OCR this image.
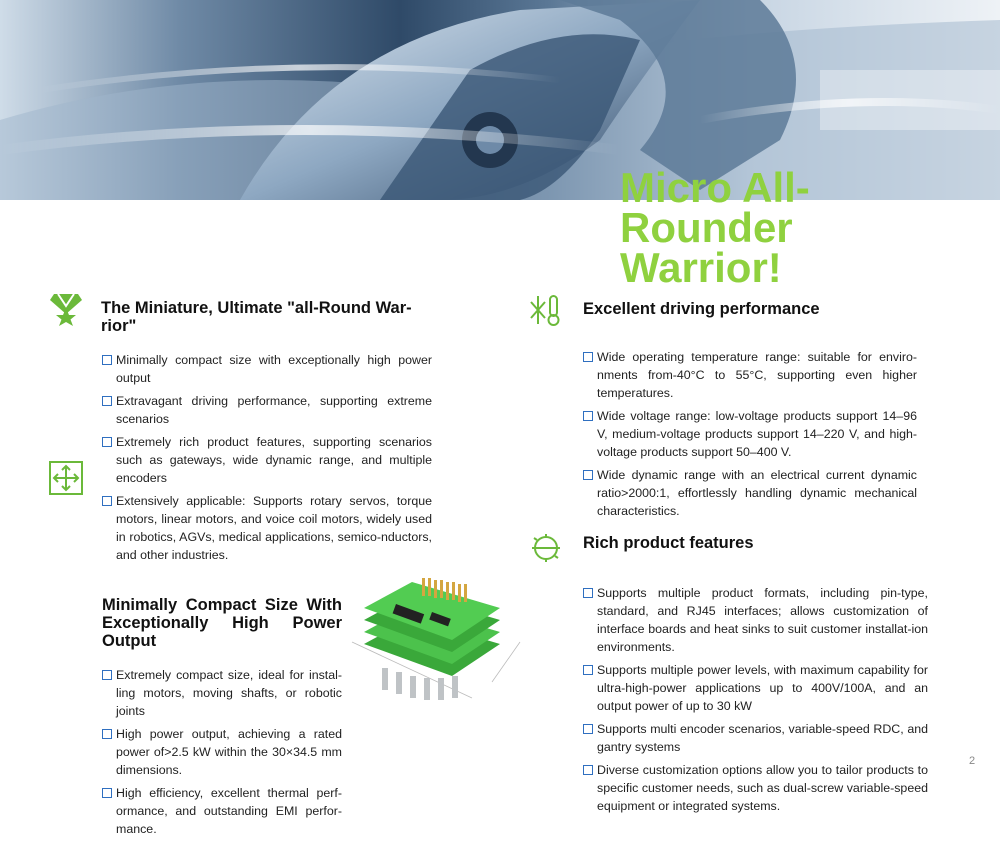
Micro All-
Rounder
Warrior!
The Miniature, Ultimate "all-Round War-rior"
Minimally compact size with exceptionally high power output
Extravagant driving performance, supporting extreme scenarios
Extremely rich product features, supporting scenarios such as gateways, wide dynamic range, and multiple encoders
Extensively applicable: Supports rotary servos, torque motors, linear motors, and voice coil motors, widely used in robotics, AGVs, medical applications, semico-nductors, and other industries.
Minimally Compact Size With Exceptionally High Power Output
Extremely compact size, ideal for instal-ling motors, moving shafts, or robotic joints
High power output, achieving a rated power of>2.5 kW within the 30×34.5 mm dimensions.
High efficiency, excellent thermal perf-ormance, and outstanding EMI perfor-mance.
Excellent driving performance
Wide operating temperature range: suitable for enviro-nments from-40°C to 55°C, supporting even higher temperatures.
Wide voltage range: low-voltage products support 14–96 V, medium-voltage products support 14–220 V, and high-voltage products support 50–400 V.
Wide dynamic range with an electrical current dynamic ratio>2000:1, effortlessly handling dynamic mechanical characteristics.
Rich product features
Supports multiple product formats, including pin-type, standard, and RJ45 interfaces; allows customization of interface boards and heat sinks to suit customer installat-ion environments.
Supports multiple power levels, with maximum capability for ultra-high-power applications up to 400V/100A, and an output power of up to 30 kW
Supports multi encoder scenarios, variable-speed RDC, and gantry systems
Diverse customization options allow you to tailor products to specific customer needs, such as dual-screw variable-speed equipment or integrated systems.
2
